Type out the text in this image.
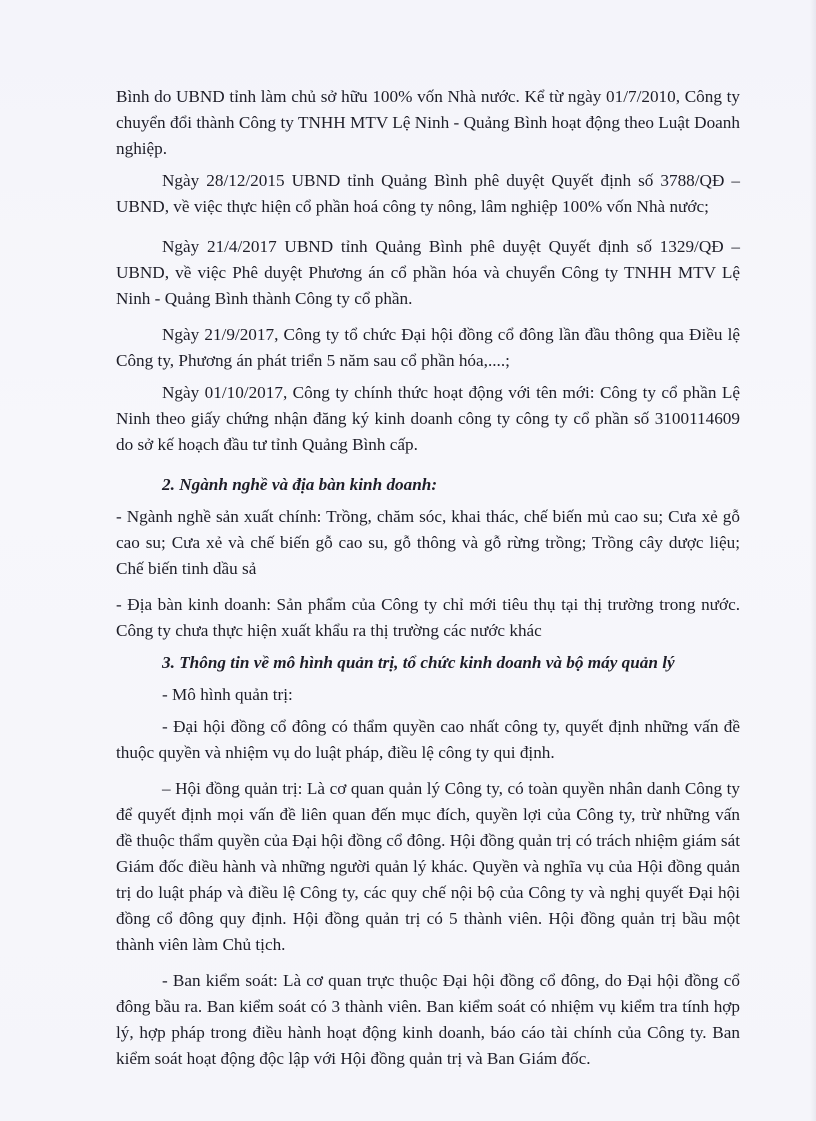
Bình do UBND tỉnh làm chủ sở hữu 100% vốn Nhà nước. Kể từ ngày 01/7/2010, Công ty chuyển đổi thành Công ty TNHH MTV Lệ Ninh - Quảng Bình hoạt động theo Luật Doanh nghiệp.

Ngày 28/12/2015 UBND tỉnh Quảng Bình phê duyệt Quyết định số 3788/QĐ – UBND, về việc thực hiện cổ phần hoá công ty nông, lâm nghiệp 100% vốn Nhà nước;

Ngày 21/4/2017 UBND tỉnh Quảng Bình phê duyệt Quyết định số 1329/QĐ – UBND, về việc Phê duyệt Phương án cổ phần hóa và chuyển Công ty TNHH MTV Lệ Ninh - Quảng Bình thành Công ty cổ phần.

Ngày 21/9/2017, Công ty tổ chức Đại hội đồng cổ đông lần đầu thông qua Điều lệ Công ty, Phương án phát triển 5 năm sau cổ phần hóa,....;

Ngày 01/10/2017, Công ty chính thức hoạt động với tên mới: Công ty cổ phần Lệ Ninh theo giấy chứng nhận đăng ký kinh doanh công ty công ty cổ phần số 3100114609 do sở kế hoạch đầu tư tỉnh Quảng Bình cấp.

2. Ngành nghề và địa bàn kinh doanh:

- Ngành nghề sản xuất chính: Trồng, chăm sóc, khai thác, chế biến mủ cao su; Cưa xẻ gỗ cao su; Cưa xẻ và chế biến gỗ cao su, gỗ thông và gỗ rừng trồng; Trồng cây dược liệu; Chế biến tinh dầu sả

- Địa bàn kinh doanh: Sản phẩm của Công ty chỉ mới tiêu thụ tại thị trường trong nước. Công ty chưa thực hiện xuất khẩu ra thị trường các nước khác

3. Thông tin về mô hình quản trị, tổ chức kinh doanh và bộ máy quản lý

- Mô hình quản trị:

- Đại hội đồng cổ đông có thẩm quyền cao nhất công ty, quyết định những vấn đề thuộc quyền và nhiệm vụ do luật pháp, điều lệ công ty qui định.

– Hội đồng quản trị: Là cơ quan quản lý Công ty, có toàn quyền nhân danh Công ty để quyết định mọi vấn đề liên quan đến mục đích, quyền lợi của Công ty, trừ những vấn đề thuộc thẩm quyền của Đại hội đồng cổ đông. Hội đồng quản trị có trách nhiệm giám sát Giám đốc điều hành và những người quản lý khác. Quyền và nghĩa vụ của Hội đồng quản trị do luật pháp và điều lệ Công ty, các quy chế nội bộ của Công ty và nghị quyết Đại hội đồng cổ đông quy định. Hội đồng quản trị có 5 thành viên. Hội đồng quản trị bầu một thành viên làm Chủ tịch.

- Ban kiểm soát: Là cơ quan trực thuộc Đại hội đồng cổ đông, do Đại hội đồng cổ đông bầu ra. Ban kiểm soát có 3 thành viên. Ban kiểm soát có nhiệm vụ kiểm tra tính hợp lý, hợp pháp trong điều hành hoạt động kinh doanh, báo cáo tài chính của Công ty. Ban kiểm soát hoạt động độc lập với Hội đồng quản trị và Ban Giám đốc.
